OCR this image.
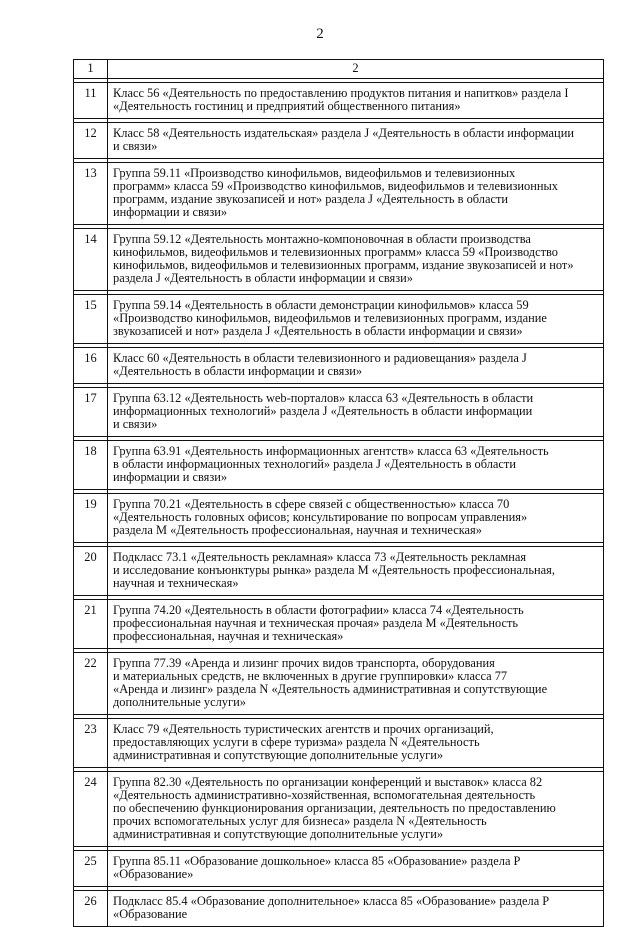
2
1	2

11	Класс 56 «Деятельность по предоставлению продуктов питания и напитков» раздела I
«Деятельность гостиниц и предприятий общественного питания»

12	Класс 58 «Деятельность издательская» раздела J «Деятельность в области информации
и связи»

13	Группа 59.11 «Производство кинофильмов, видеофильмов и телевизионных
программ» класса 59 «Производство кинофильмов, видеофильмов и телевизионных
программ, издание звукозаписей и нот» раздела J «Деятельность в области
информации и связи»

14	Группа 59.12 «Деятельность монтажно-компоновочная в области производства
кинофильмов, видеофильмов и телевизионных программ» класса 59 «Производство
кинофильмов, видеофильмов и телевизионных программ, издание звукозаписей и нот»
раздела J «Деятельность в области информации и связи»

15	Группа 59.14 «Деятельность в области демонстрации кинофильмов» класса 59
«Производство кинофильмов, видеофильмов и телевизионных программ, издание
звукозаписей и нот» раздела J «Деятельность в области информации и связи»

16	Класс 60 «Деятельность в области телевизионного и радиовещания» раздела J
«Деятельность в области информации и связи»

17	Группа 63.12 «Деятельность web-порталов» класса 63 «Деятельность в области
информационных технологий» раздела J «Деятельность в области информации
и связи»

18	Группа 63.91 «Деятельность информационных агентств» класса 63 «Деятельность
в области информационных технологий» раздела J «Деятельность в области
информации и связи»

19	Группа 70.21 «Деятельность в сфере связей с общественностью» класса 70
«Деятельность головных офисов; консультирование по вопросам управления»
раздела М «Деятельность профессиональная, научная и техническая»

20	Подкласс 73.1 «Деятельность рекламная» класса 73 «Деятельность рекламная
и исследование конъюнктуры рынка» раздела М «Деятельность профессиональная,
научная и техническая»

21	Группа 74.20 «Деятельность в области фотографии» класса 74 «Деятельность
профессиональная научная и техническая прочая» раздела М «Деятельность
профессиональная, научная и техническая»

22	Группа 77.39 «Аренда и лизинг прочих видов транспорта, оборудования
и материальных средств, не включенных в другие группировки» класса 77
«Аренда и лизинг» раздела N «Деятельность административная и сопутствующие
дополнительные услуги»

23	Класс 79 «Деятельность туристических агентств и прочих организаций,
предоставляющих услуги в сфере туризма» раздела N «Деятельность
административная и сопутствующие дополнительные услуги»

24	Группа 82.30 «Деятельность по организации конференций и выставок» класса 82
«Деятельность административно-хозяйственная, вспомогательная деятельность
по обеспечению функционирования организации, деятельность по предоставлению
прочих вспомогательных услуг для бизнеса» раздела N «Деятельность
административная и сопутствующие дополнительные услуги»

25	Группа 85.11 «Образование дошкольное» класса 85 «Образование» раздела Р
«Образование»

26	Подкласс 85.4 «Образование дополнительное» класса 85 «Образование» раздела Р
«Образование
